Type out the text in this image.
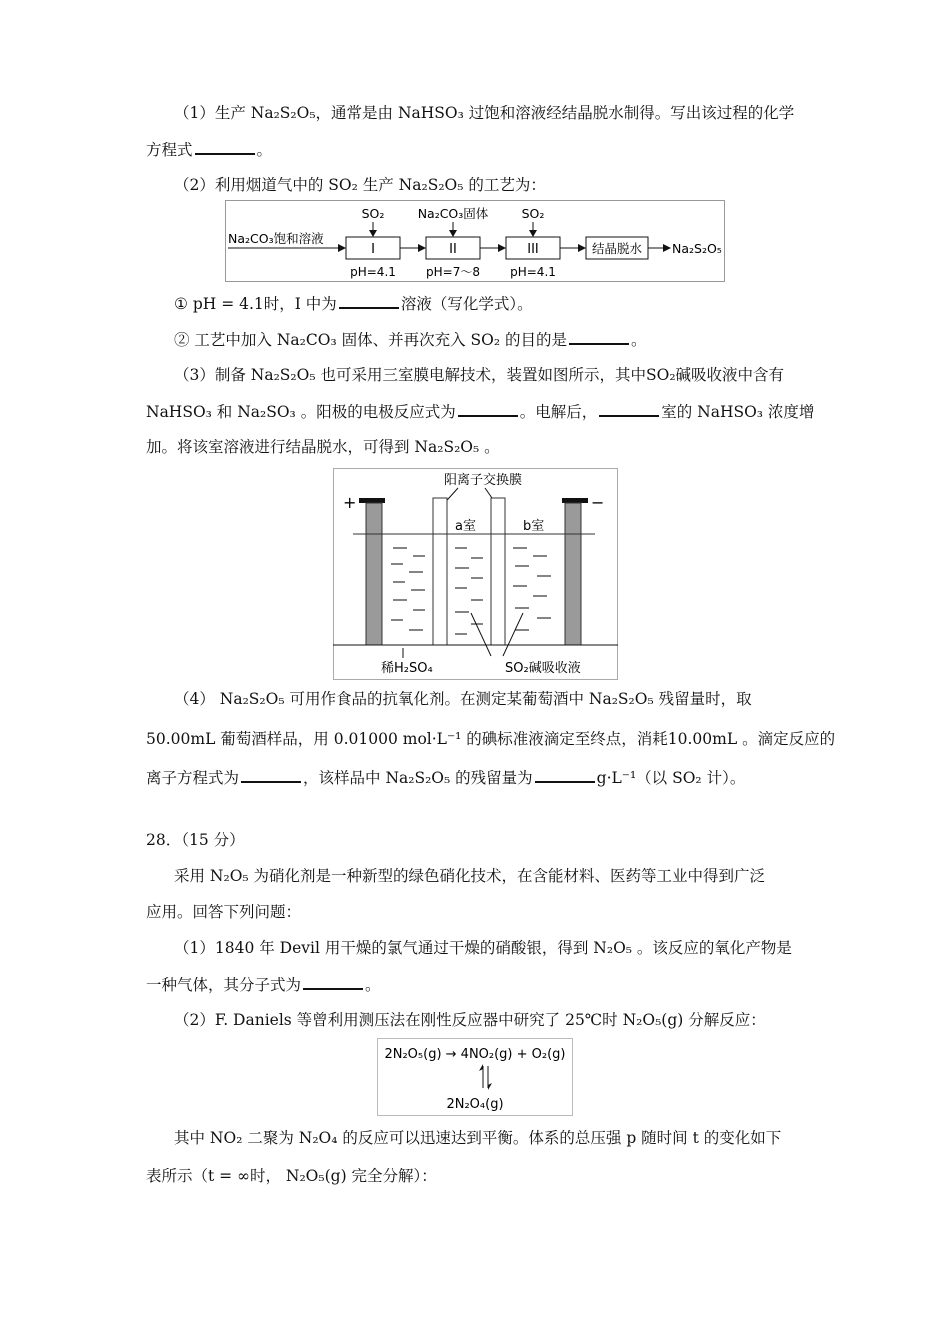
（1）生产 Na₂S₂O₅，通常是由 NaHSO₃ 过饱和溶液经结晶脱水制得。写出该过程的化学
方程式	。
（2）利用烟道气中的 SO₂ 生产 Na₂S₂O₅ 的工艺为：
Na₂CO₃饱和溶液
I	II	III	结晶脱水 Na₂S₂O₅
SO₂	Na₂CO₃固体	SO₂
pH=4.1	pH=7～8	pH=4.1
① pH = 4.1时，I 中为	溶液（写化学式）。
② 工艺中加入 Na₂CO₃ 固体、并再次充入 SO₂ 的目的是	。
（3）制备 Na₂S₂O₅ 也可采用三室膜电解技术，装置如图所示，其中SO₂碱吸收液中含有
NaHSO₃ 和 Na₂SO₃ 。阳极的电极反应式为	。电解后，	室的 NaHSO₃ 浓度增
加。将该室溶液进行结晶脱水，可得到 Na₂S₂O₅ 。
阳离子交换膜
+	−
a室	b室
稀H₂SO₄	SO₂碱吸收液
（4） Na₂S₂O₅ 可用作食品的抗氧化剂。在测定某葡萄酒中 Na₂S₂O₅ 残留量时，取
50.00mL 葡萄酒样品，用 0.01000 mol·L⁻¹ 的碘标准液滴定至终点，消耗10.00mL 。滴定反应的
离子方程式为	，该样品中 Na₂S₂O₅ 的残留量为	g·L⁻¹（以 SO₂ 计）。
28．（15 分）
采用 N₂O₅ 为硝化剂是一种新型的绿色硝化技术，在含能材料、医药等工业中得到广泛
应用。回答下列问题：
（1）1840 年 Devil 用干燥的氯气通过干燥的硝酸银，得到 N₂O₅ 。该反应的氧化产物是
一种气体，其分子式为	。
（2）F. Daniels 等曾利用测压法在刚性反应器中研究了 25℃时 N₂O₅(g) 分解反应：
2N₂O₅(g) → 4NO₂(g) + O₂(g)
2N₂O₄(g)
其中 NO₂ 二聚为 N₂O₄ 的反应可以迅速达到平衡。体系的总压强 p 随时间 t 的变化如下
表所示（t = ∞时， N₂O₅(g) 完全分解）：
